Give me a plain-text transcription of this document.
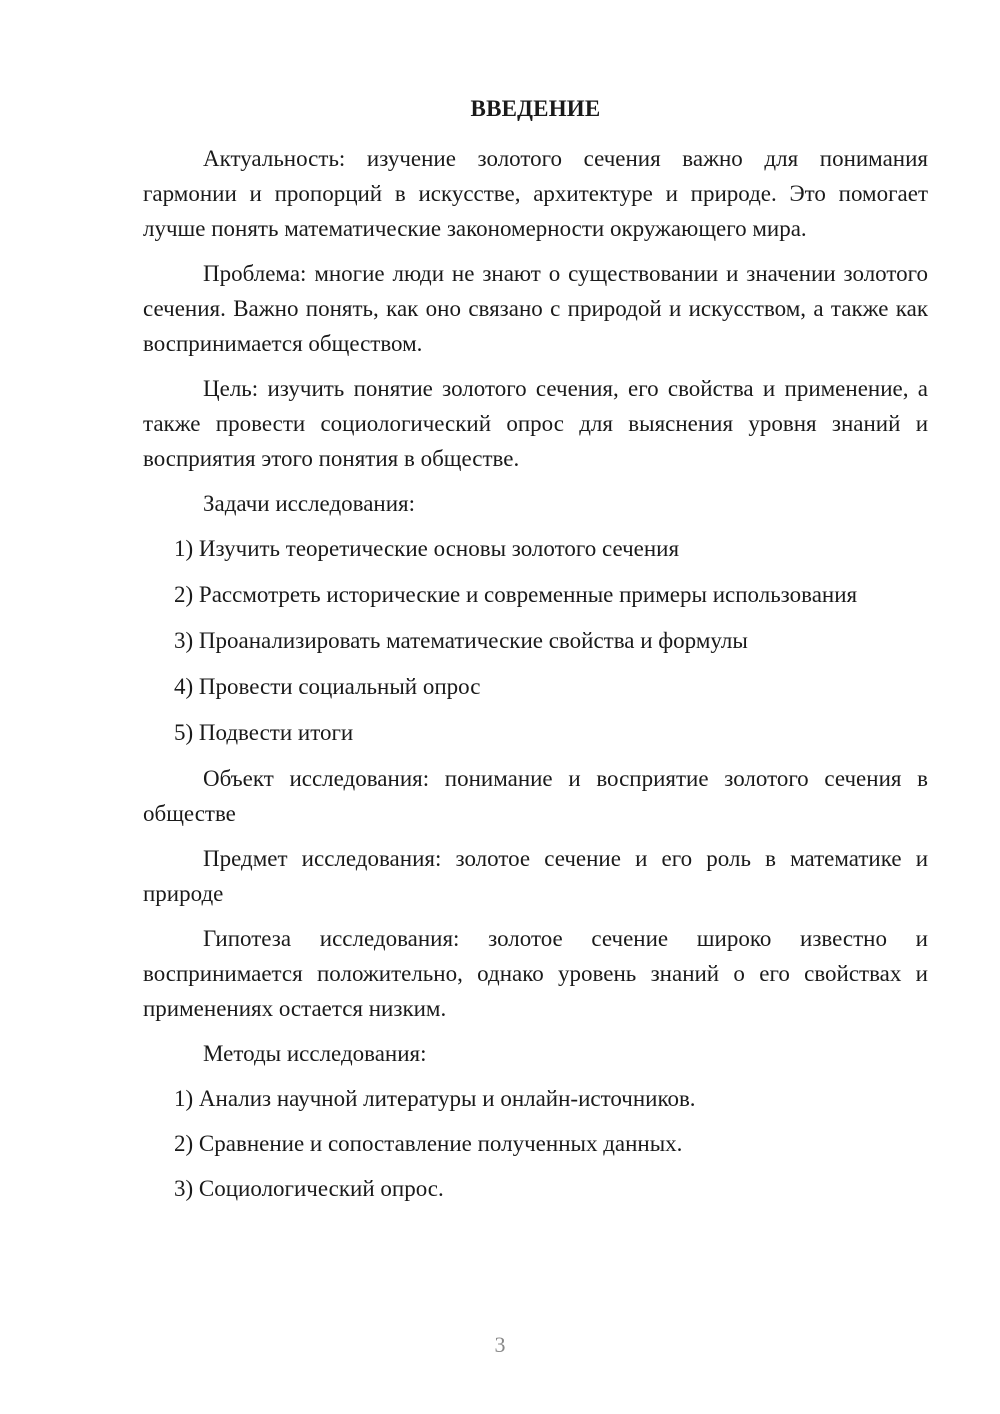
ВВЕДЕНИЕ

Актуальность: изучение золотого сечения важно для понимания гармонии и пропорций в искусстве, архитектуре и природе. Это помогает лучше понять математические закономерности окружающего мира.

Проблема: многие люди не знают о существовании и значении золотого сечения. Важно понять, как оно связано с природой и искусством, а также как воспринимается обществом.

Цель: изучить понятие золотого сечения, его свойства и применение, а также провести социологический опрос для выяснения уровня знаний и восприятия этого понятия в обществе.

Задачи исследования:

1) Изучить теоретические основы золотого сечения
2) Рассмотреть исторические и современные примеры использования
3) Проанализировать математические свойства и формулы
4) Провести социальный опрос
5) Подвести итоги

Объект исследования: понимание и восприятие золотого сечения в обществе

Предмет исследования: золотое сечение и его роль в математике и природе

Гипотеза исследования: золотое сечение широко известно и воспринимается положительно, однако уровень знаний о его свойствах и применениях остается низким.

Методы исследования:

1) Анализ научной литературы и онлайн-источников.
2) Сравнение и сопоставление полученных данных.
3) Социологический опрос.
3
